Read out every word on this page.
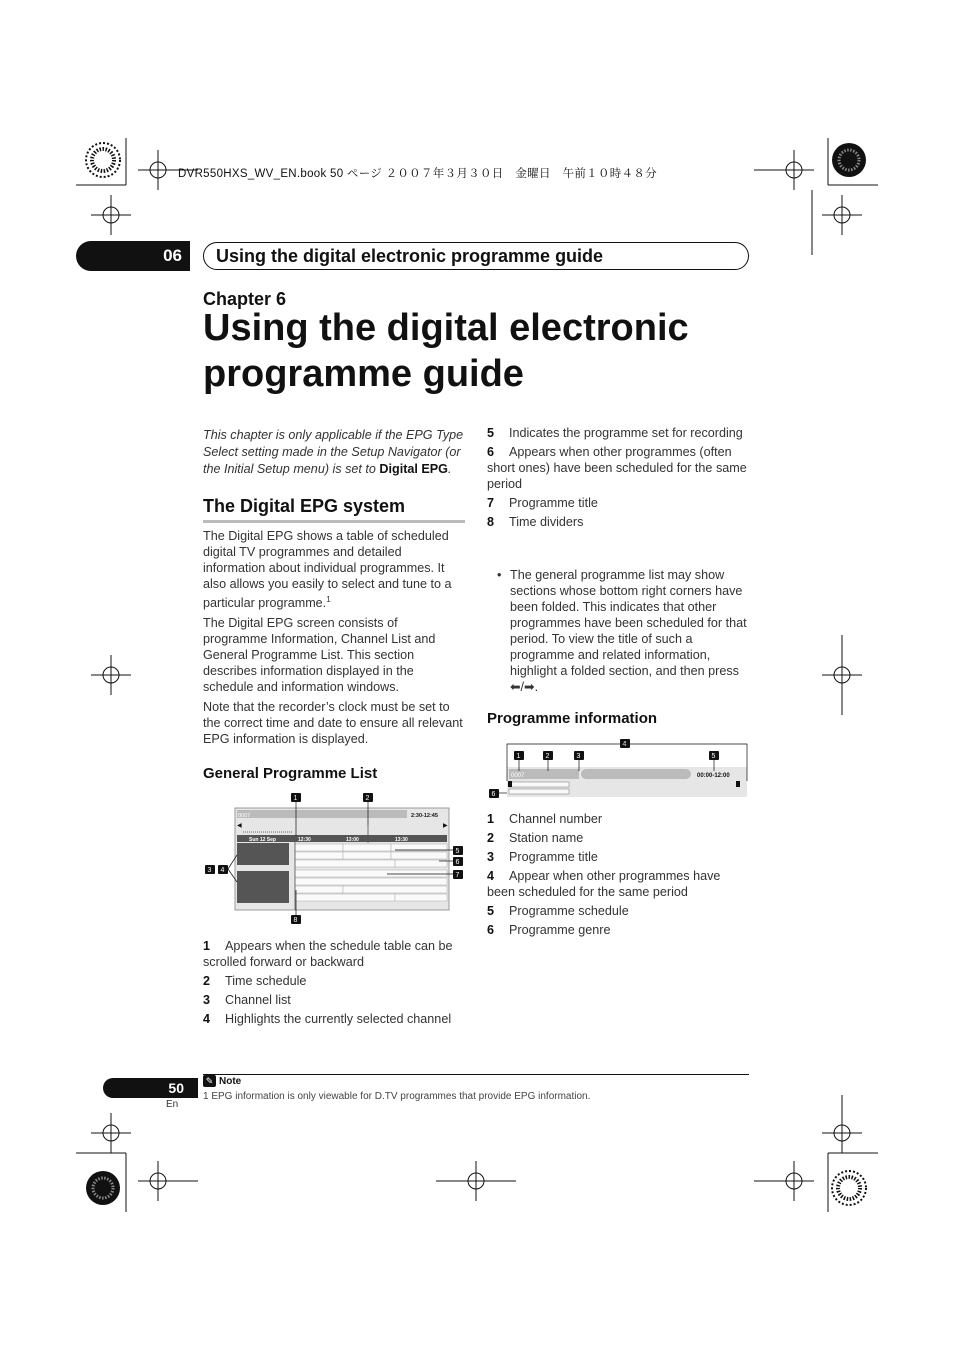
DVR550HXS_WV_EN.book 50 ページ ２００７年３月３０日　金曜日　午前１０時４８分
06	Using the digital electronic programme guide
Chapter 6
Using the digital electronic programme guide
This chapter is only applicable if the EPG Type Select setting made in the Setup Navigator (or the Initial Setup menu) is set to Digital EPG.
The Digital EPG system

The Digital EPG shows a table of scheduled digital TV programmes and detailed information about individual programmes. It also allows you easily to select and tune to a particular programme.$^1$

The Digital EPG screen consists of programme Information, Channel List and General Programme List. This section describes information displayed in the schedule and information windows.

Note that the recorder’s clock must be set to the correct time and date to ensure all relevant EPG information is displayed.

General Programme List
0007	2:30-12:45
◀	▶
Sun 12 Sep	12:30	13:00	13:30
1	2
3 4
5
6
7
8
1 Appears when the schedule table can be scrolled forward or backward
2 Time schedule
3 Channel list
4 Highlights the currently selected channel
5 Indicates the programme set for recording
6 Appears when other programmes (often short ones) have been scheduled for the same period
7 Programme title
8 Time dividers
• The general programme list may show sections whose bottom right corners have been folded. This indicates that other programmes have been scheduled for that period. To view the title of such a programme and related information, highlight a folded section, and then press ⬅/➡.
Programme information
0007	00:00-12:00
1	2	3
4
5
6
1 Channel number
2 Station name
3 Programme title
4 Appear when other programmes have been scheduled for the same period
5 Programme schedule
6 Programme genre
✎ Note
1 EPG information is only viewable for D.TV programmes that provide EPG information.
50
En
